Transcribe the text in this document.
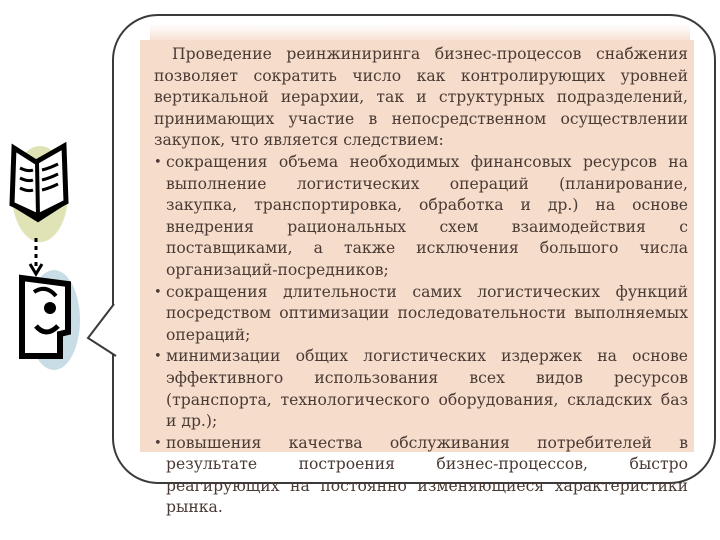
Проведение реинжиниринга бизнес-процессов снабжения позволяет сократить число как контролирующих уровней вертикальной иерархии, так и структурных подразделений, принимающих участие в непосредственном осуществлении закупок, что является следствием:

• сокращения объема необходимых финансовых ресурсов на выполнение логистических операций (планирование, закупка, транспортировка, обработка и др.) на основе внедрения рациональных схем взаимодействия с поставщиками, а также исключения большого числа организаций-посредников;
• сокращения длительности самих логистических функций посредством оптимизации последовательности выполняемых операций;
• минимизации общих логистических издержек на основе эффективного использования всех видов ресурсов (транспорта, технологического оборудования, складских баз и др.);
• повышения качества обслуживания потребителей в результате построения бизнес-процессов, быстро реагирующих на постоянно изменяющиеся характеристики рынка.
